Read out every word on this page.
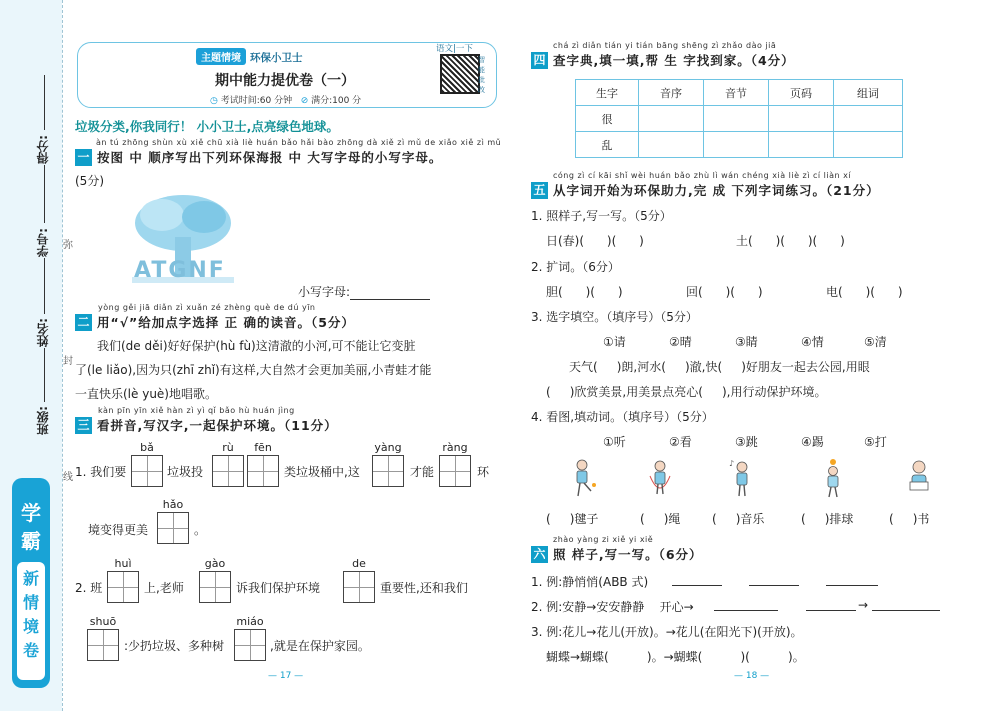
得分:
学号:
姓名:
班级:
弥
封
线
学
霸
新
情
境
卷
主题情境 环保小卫士
期中能力提优卷（一）
◷ 考试时间:60 分钟 ⊘ 满分:100 分
语文|一下
智能批改
垃圾分类,你我同行！ 小小卫士,点亮绿色地球。
àn tú zhōng shùn xù xiě chū xià liè huán bǎo hǎi bào zhōng dà xiě zì mǔ de xiǎo xiě zì mǔ
一 按图 中 顺序写出下列环保海报 中 大写字母的小写字母。
(5分)
ATGNF
小写字母:
yòng gěi jiā diǎn zì xuǎn zé zhèng què de dú yīn
二 用“√”给加点字选择 正 确的读音。（5分）
我们(de děi)好好保护(hù fù)这清澈的小河,可不能让它变脏
了(le liǎo),因为只(zhī zhǐ)有这样,大自然才会更加美丽,小青蛙才能
一直快乐(lè yuè)地唱歌。
kàn pīn yīn xiě hàn zì yì qǐ bǎo hù huán jìng
三 看拼音,写汉字,一起保护环境。（11分）
bǎ	rù	fēn	yàng	ràng
1. 我们要	垃圾投	类垃圾桶中,这	才能	环
hǎo
境变得更美	。
huì	gào	de
2. 班	上,老师	诉我们保护环境	重要性,还和我们
shuō	miáo
:少扔垃圾、多种树	,就是在保护家园。
— 17 —
chá zì diǎn tián yi tián bāng shēng zì zhǎo dào jiā
四 查字典,填一填,帮 生 字找到家。（4分）
生字	音序	音节	页码	组词
很				
乱				
cóng zì cí kāi shǐ wèi huán bǎo zhù lì wán chéng xià liè zì cí liàn xí
五 从字词开始为环保助力,完 成 下列字词练习。（21分）
1. 照样子,写一写。（5分）
日(春)(      )(      )	土(      )(      )(      )
2. 扩词。（6分）
胆(      )(      )	回(      )(      )	电(      )(      )
3. 选字填空。（填序号）（5分）
①请	②晴	③睛	④情	⑤清
天气(     )朗,河水(     )澈,快(     )好朋友一起去公园,用眼
(     )欣赏美景,用美景点亮心(     ),用行动保护环境。
4. 看图,填动词。（填序号）（5分）
①听	②看	③跳	④踢	⑤打
♪
(     )毽子	(     )绳	(     )音乐	(     )排球	(     )书
zhào yàng zi xiě yi xiě
六 照 样子,写一写。（6分）
1. 例:静悄悄(ABB 式)
2. 例:安静→安安静静    开心→	→
3. 例:花儿→花儿(开放)。→花儿(在阳光下)(开放)。
蝴蝶→蝴蝶(          )。→蝴蝶(          )(          )。
— 18 —
